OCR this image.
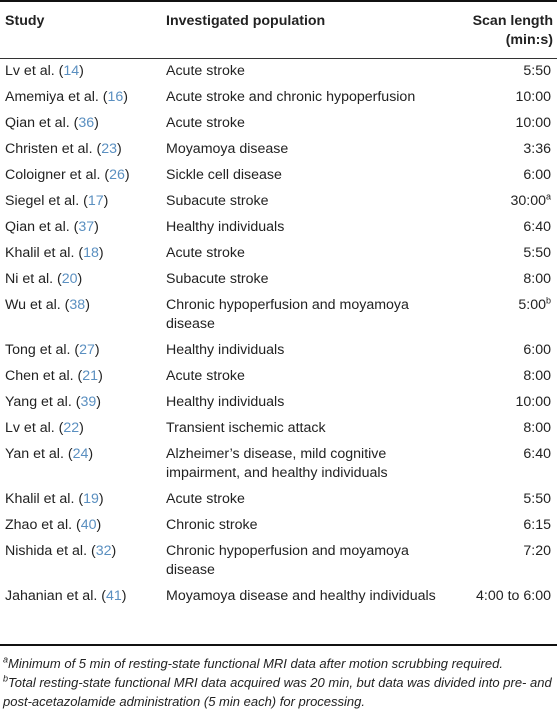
Study	Investigated population	Scan length
(min:s)
Lv et al. (14)	Acute stroke	5:50
Amemiya et al. (16)	Acute stroke and chronic hypoperfusion	10:00
Qian et al. (36)	Acute stroke	10:00
Christen et al. (23)	Moyamoya disease	3:36
Coloigner et al. (26)	Sickle cell disease	6:00
Siegel et al. (17)	Subacute stroke	30:00$^a$
Qian et al. (37)	Healthy individuals	6:40
Khalil et al. (18)	Acute stroke	5:50
Ni et al. (20)	Subacute stroke	8:00
Wu et al. (38)	Chronic hypoperfusion and moyamoya disease	5:00$^b$
Tong et al. (27)	Healthy individuals	6:00
Chen et al. (21)	Acute stroke	8:00
Yang et al. (39)	Healthy individuals	10:00
Lv et al. (22)	Transient ischemic attack	8:00
Yan et al. (24)	Alzheimer’s disease, mild cognitive impairment, and healthy individuals	6:40
Khalil et al. (19)	Acute stroke	5:50
Zhao et al. (40)	Chronic stroke	6:15
Nishida et al. (32)	Chronic hypoperfusion and moyamoya disease	7:20
Jahanian et al. (41)	Moyamoya disease and healthy individuals	4:00 to 6:00
$^a$Minimum of 5 min of resting-state functional MRI data after motion scrubbing required.
$^b$Total resting-state functional MRI data acquired was 20 min, but data was divided into pre- and post-acetazolamide administration (5 min each) for processing.
